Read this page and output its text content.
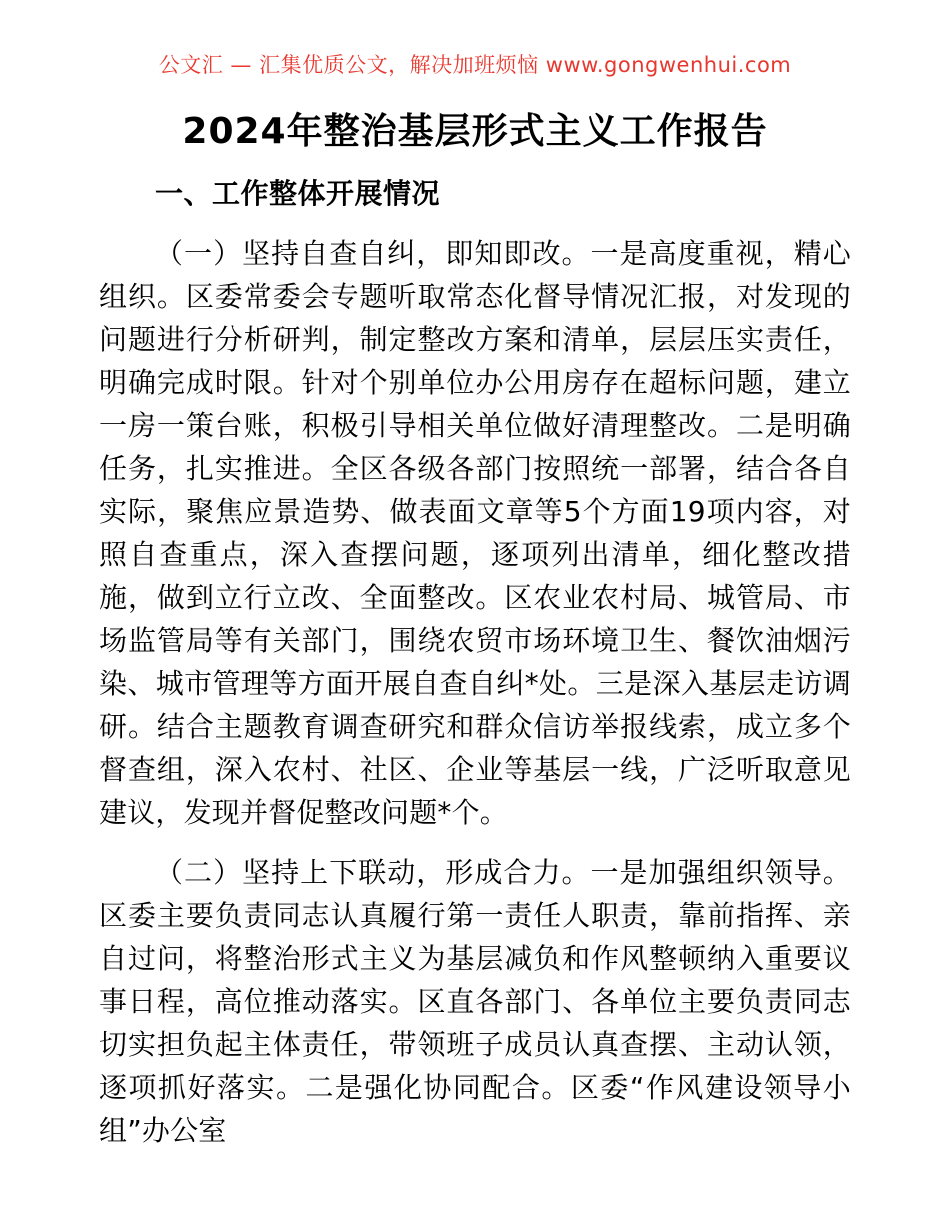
公文汇 — 汇集优质公文，解决加班烦恼 www.gongwenhui.com
2024年整治基层形式主义工作报告
一、工作整体开展情况

（一）坚持自查自纠，即知即改。一是高度重视，精心组织。区委常委会专题听取常态化督导情况汇报，对发现的问题进行分析研判，制定整改方案和清单，层层压实责任，明确完成时限。针对个别单位办公用房存在超标问题，建立一房一策台账，积极引导相关单位做好清理整改。二是明确任务，扎实推进。全区各级各部门按照统一部署，结合各自实际，聚焦应景造势、做表面文章等5个方面19项内容，对照自查重点，深入查摆问题，逐项列出清单，细化整改措施，做到立行立改、全面整改。区农业农村局、城管局、市场监管局等有关部门，围绕农贸市场环境卫生、餐饮油烟污染、城市管理等方面开展自查自纠*处。三是深入基层走访调研。结合主题教育调查研究和群众信访举报线索，成立多个督查组，深入农村、社区、企业等基层一线，广泛听取意见建议，发现并督促整改问题*个。

（二）坚持上下联动，形成合力。一是加强组织领导。区委主要负责同志认真履行第一责任人职责，靠前指挥、亲自过问，将整治形式主义为基层减负和作风整顿纳入重要议事日程，高位推动落实。区直各部门、各单位主要负责同志切实担负起主体责任，带领班子成员认真查摆、主动认领，逐项抓好落实。二是强化协同配合。区委“作风建设领导小组”办公室
